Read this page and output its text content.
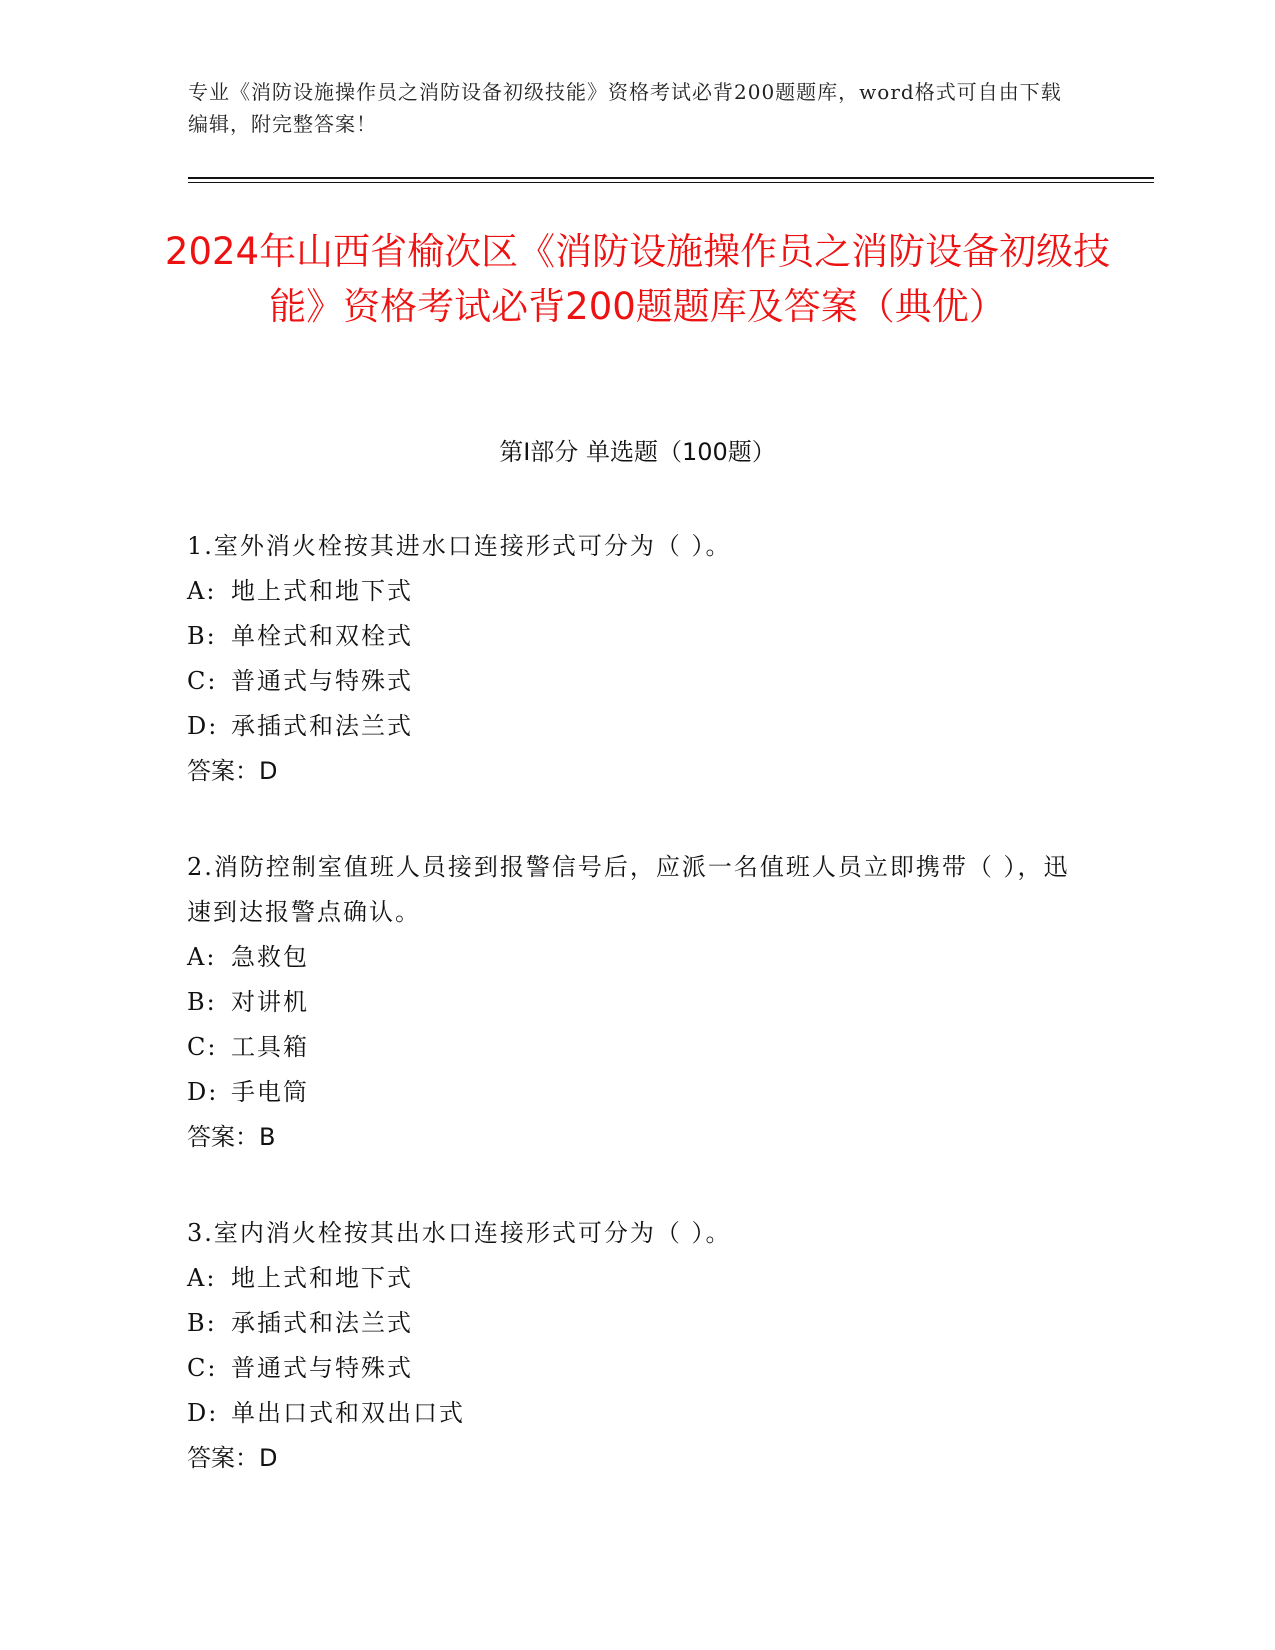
专业《消防设施操作员之消防设备初级技能》资格考试必背200题题库，word格式可自由下载编辑，附完整答案！
2024年山西省榆次区《消防设施操作员之消防设备初级技能》资格考试必背200题题库及答案（典优）
第Ⅰ部分 单选题（100题）
1.室外消火栓按其进水口连接形式可分为（ ）。
A: 地上式和地下式
B: 单栓式和双栓式
C: 普通式与特殊式
D: 承插式和法兰式
答案：D
2.消防控制室值班人员接到报警信号后，应派一名值班人员立即携带（ ），迅速到达报警点确认。
A: 急救包
B: 对讲机
C: 工具箱
D: 手电筒
答案：B
3.室内消火栓按其出水口连接形式可分为（ ）。
A: 地上式和地下式
B: 承插式和法兰式
C: 普通式与特殊式
D: 单出口式和双出口式
答案：D
